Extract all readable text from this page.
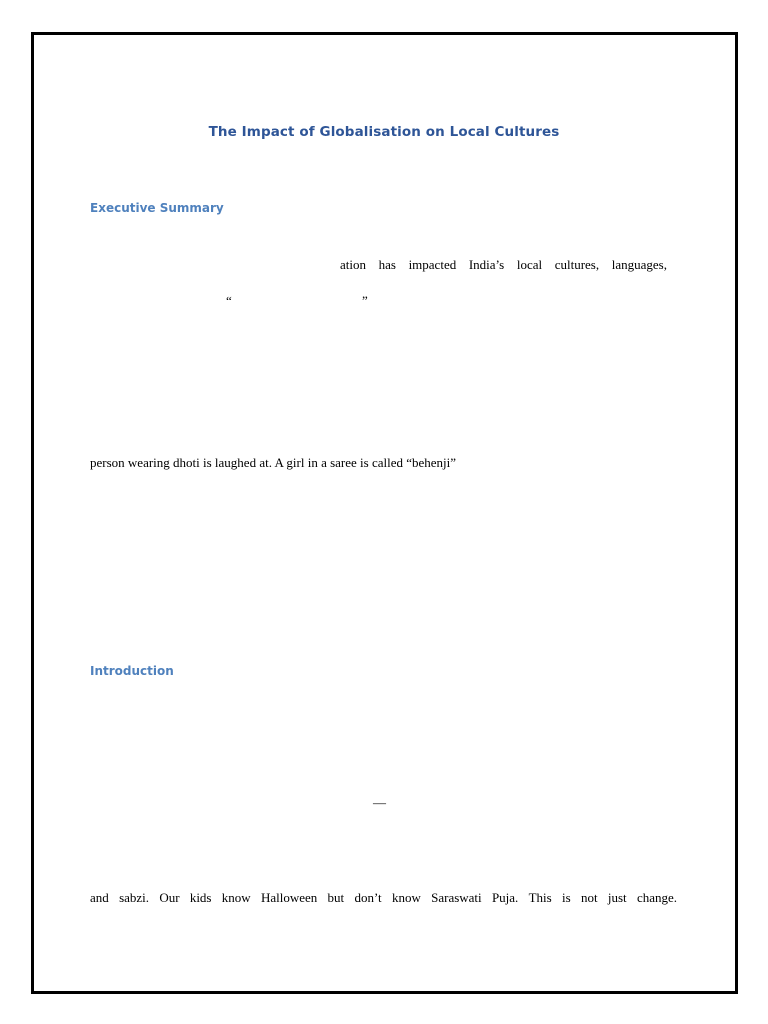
The Impact of Globalisation on Local Cultures
Executive Summary
ation has impacted India’s local cultures, languages,
“	”
person wearing dhoti is laughed at. A girl in a saree is called “behenji”
Introduction
—
and sabzi. Our kids know Halloween but don’t know Saraswati Puja. This is not just change.
